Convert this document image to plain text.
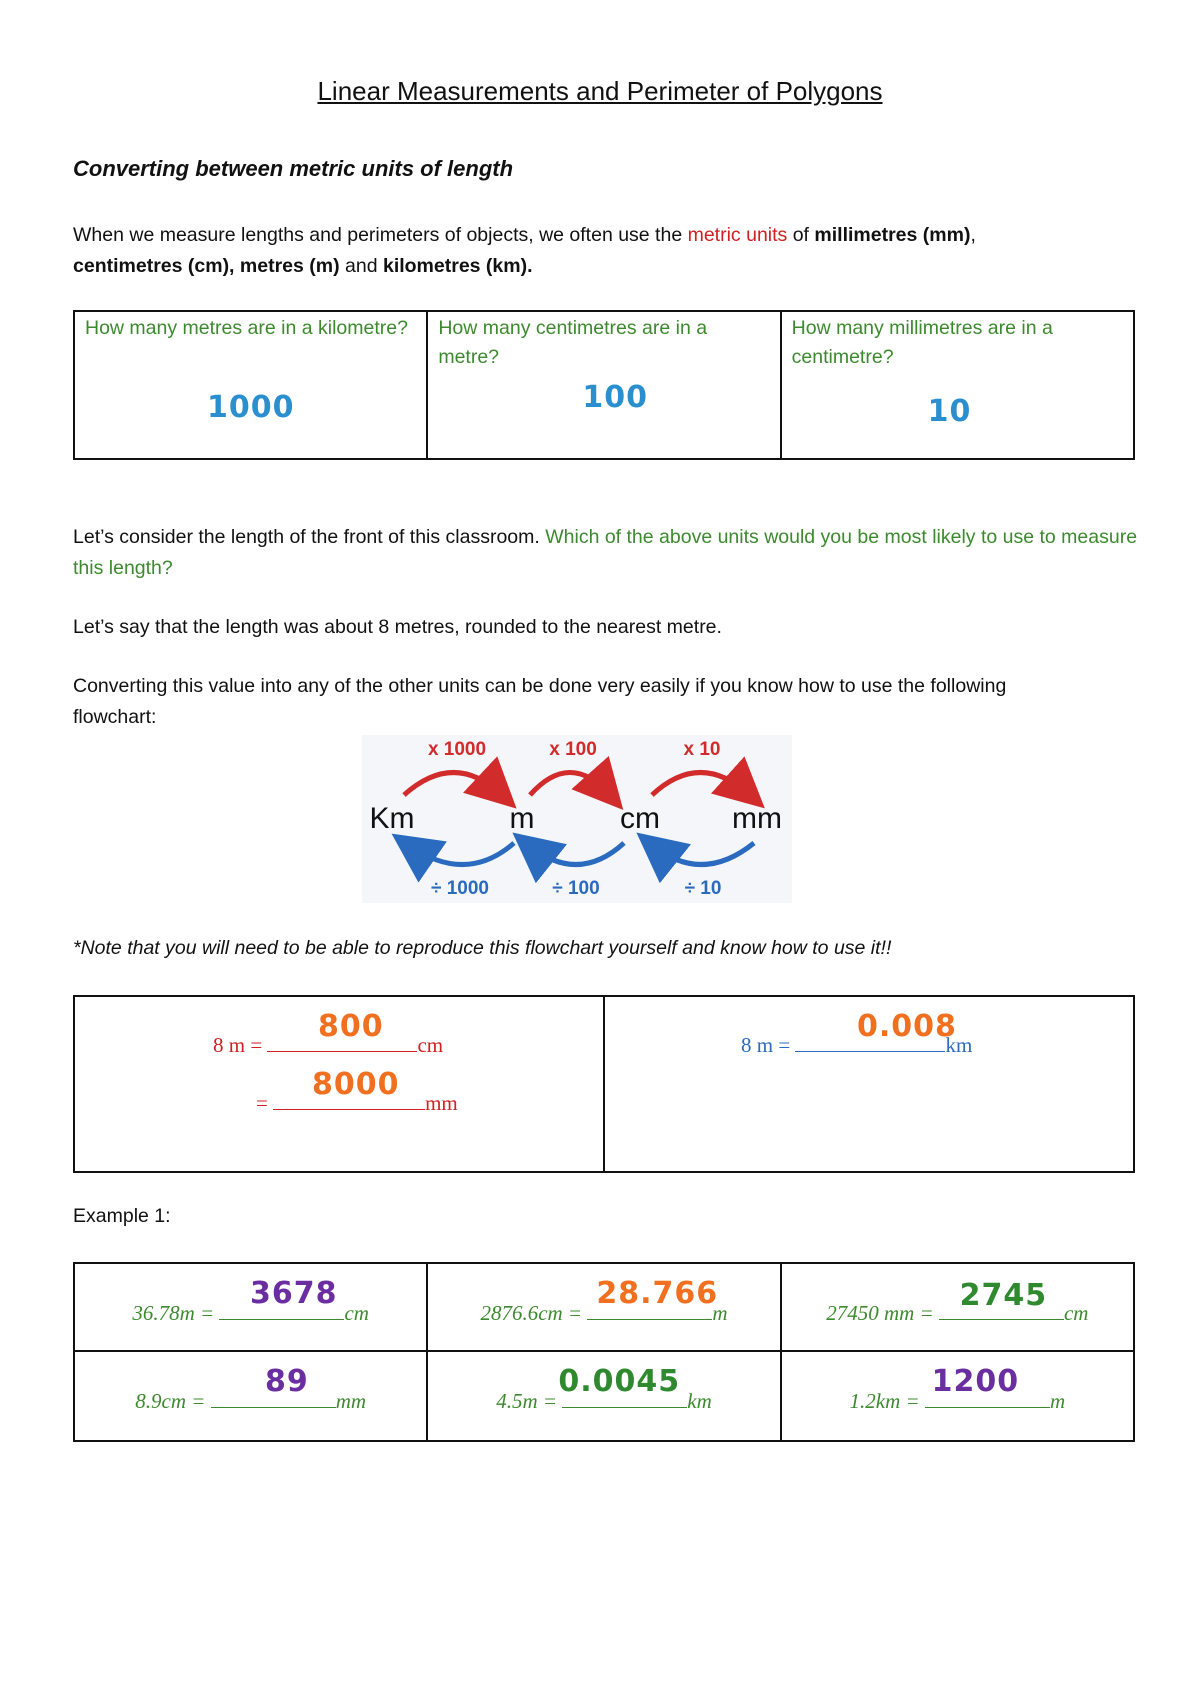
Linear Measurements and Perimeter of Polygons
Converting between metric units of length
When we measure lengths and perimeters of objects, we often use the metric units of millimetres (mm),
centimetres (cm), metres (m) and kilometres (km).
How many metres are in a kilometre?
1000
How many centimetres are in a metre?
100
How many millimetres are in a centimetre?
10
Let’s consider the length of the front of this classroom. Which of the above units would you be most likely to use to measure this length?
Let’s say that the length was about 8 metres, rounded to the nearest metre.
Converting this value into any of the other units can be done very easily if you know how to use the following flowchart:
x 1000	x 100	x 10
Km	m	cm mm
÷ 1000	÷ 100	÷ 10
*Note that you will need to be able to reproduce this flowchart yourself and know how to use it!!
8 m =	cm
800
=	mm
8000
8 m =	km
0.008
Example 1:
36.78m =	cm
3678
2876.6cm =	m
28.766
27450 mm =	cm
2745
8.9cm =	mm
89
4.5m =	km
0.0045
1.2km =	m
1200
